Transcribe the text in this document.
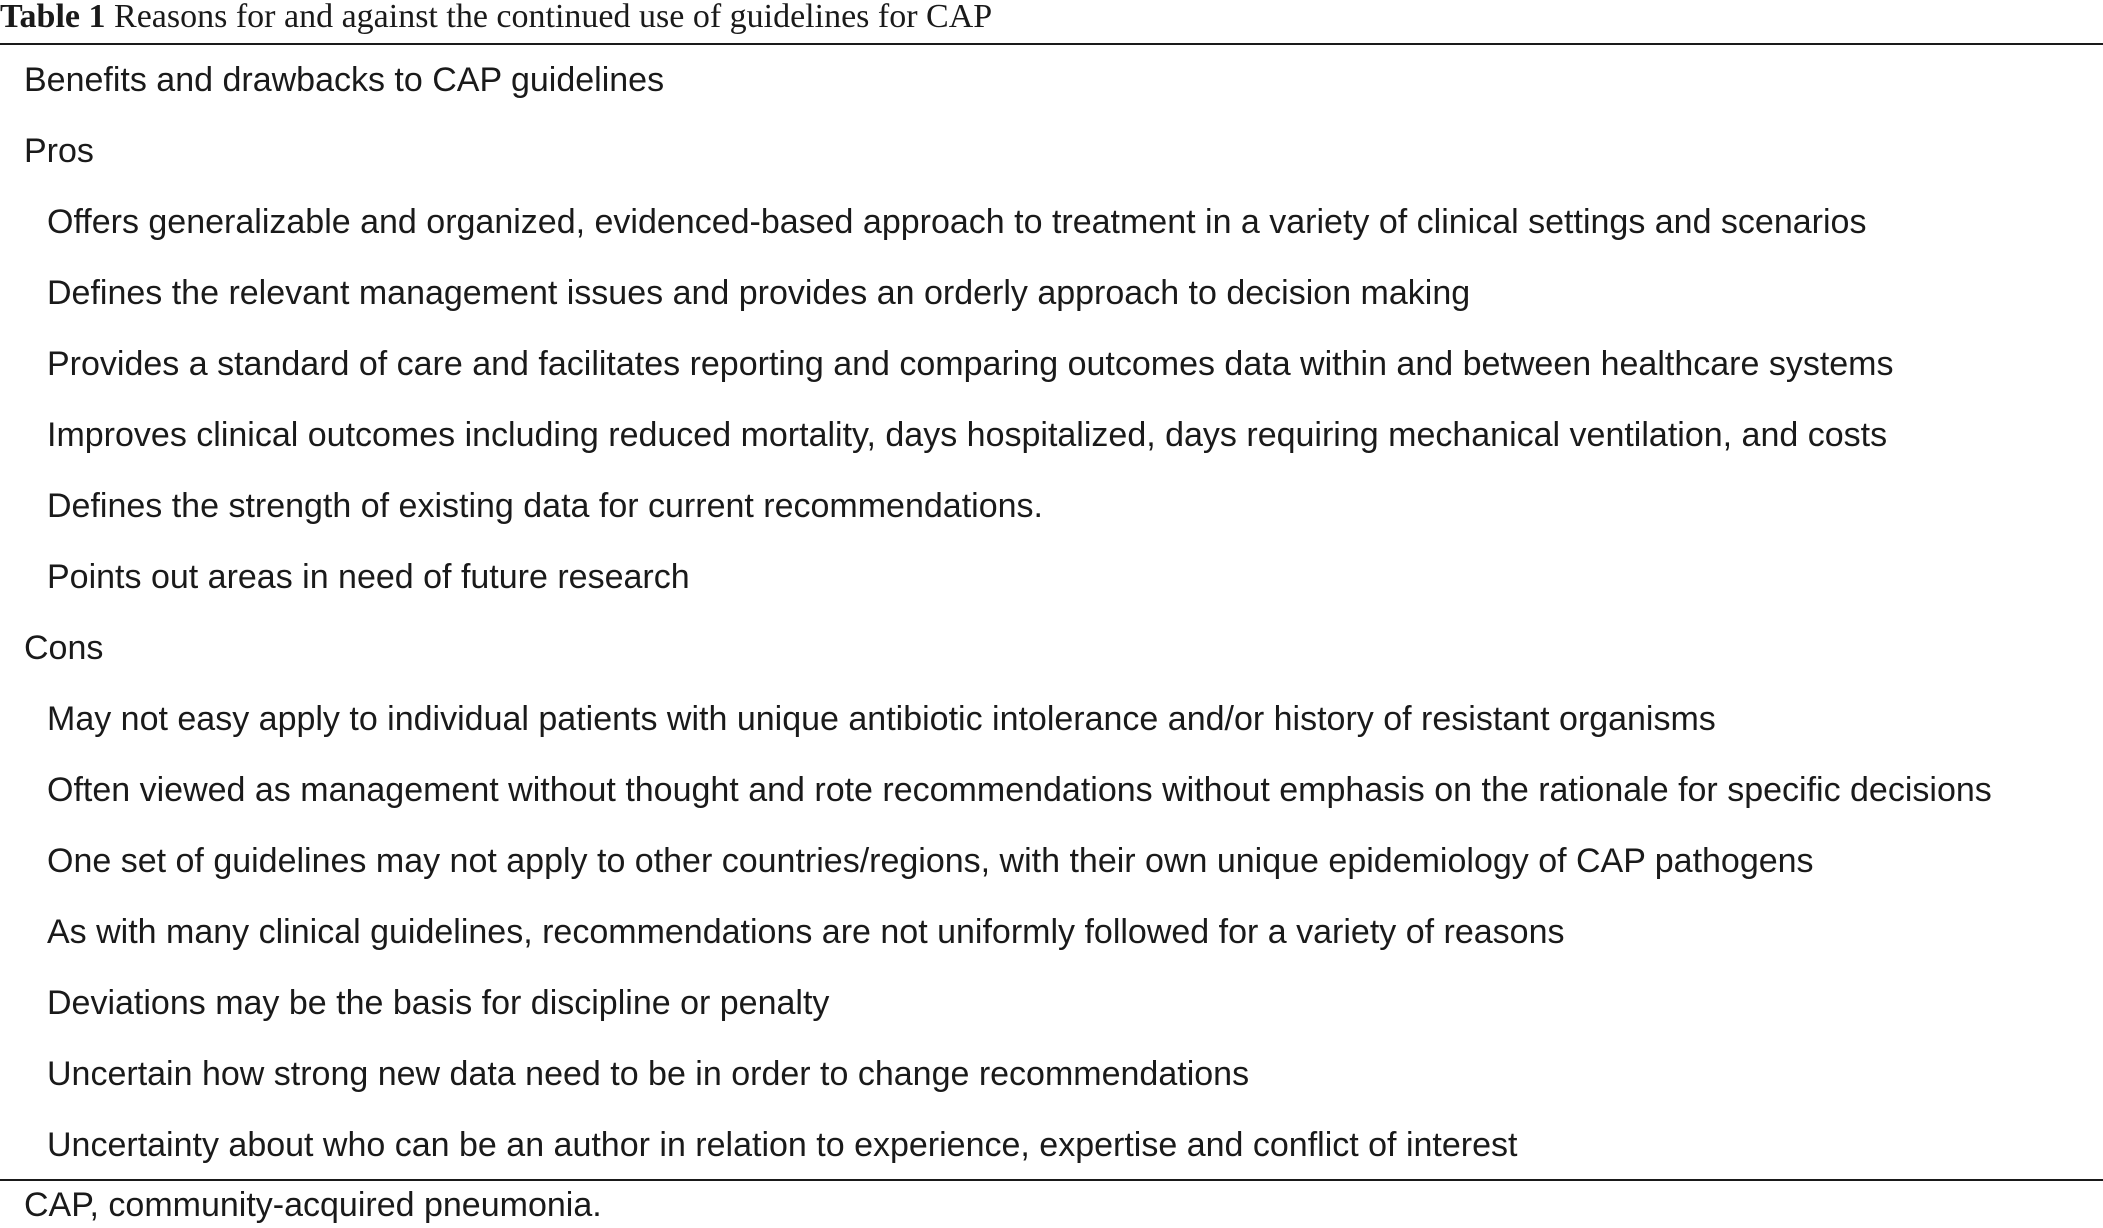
Table 1 Reasons for and against the continued use of guidelines for CAP
Benefits and drawbacks to CAP guidelines
Pros
Offers generalizable and organized, evidenced-based approach to treatment in a variety of clinical settings and scenarios
Defines the relevant management issues and provides an orderly approach to decision making
Provides a standard of care and facilitates reporting and comparing outcomes data within and between healthcare systems
Improves clinical outcomes including reduced mortality, days hospitalized, days requiring mechanical ventilation, and costs
Defines the strength of existing data for current recommendations.
Points out areas in need of future research
Cons
May not easy apply to individual patients with unique antibiotic intolerance and/or history of resistant organisms
Often viewed as management without thought and rote recommendations without emphasis on the rationale for specific decisions
One set of guidelines may not apply to other countries/regions, with their own unique epidemiology of CAP pathogens
As with many clinical guidelines, recommendations are not uniformly followed for a variety of reasons
Deviations may be the basis for discipline or penalty
Uncertain how strong new data need to be in order to change recommendations
Uncertainty about who can be an author in relation to experience, expertise and conflict of interest
CAP, community-acquired pneumonia.
